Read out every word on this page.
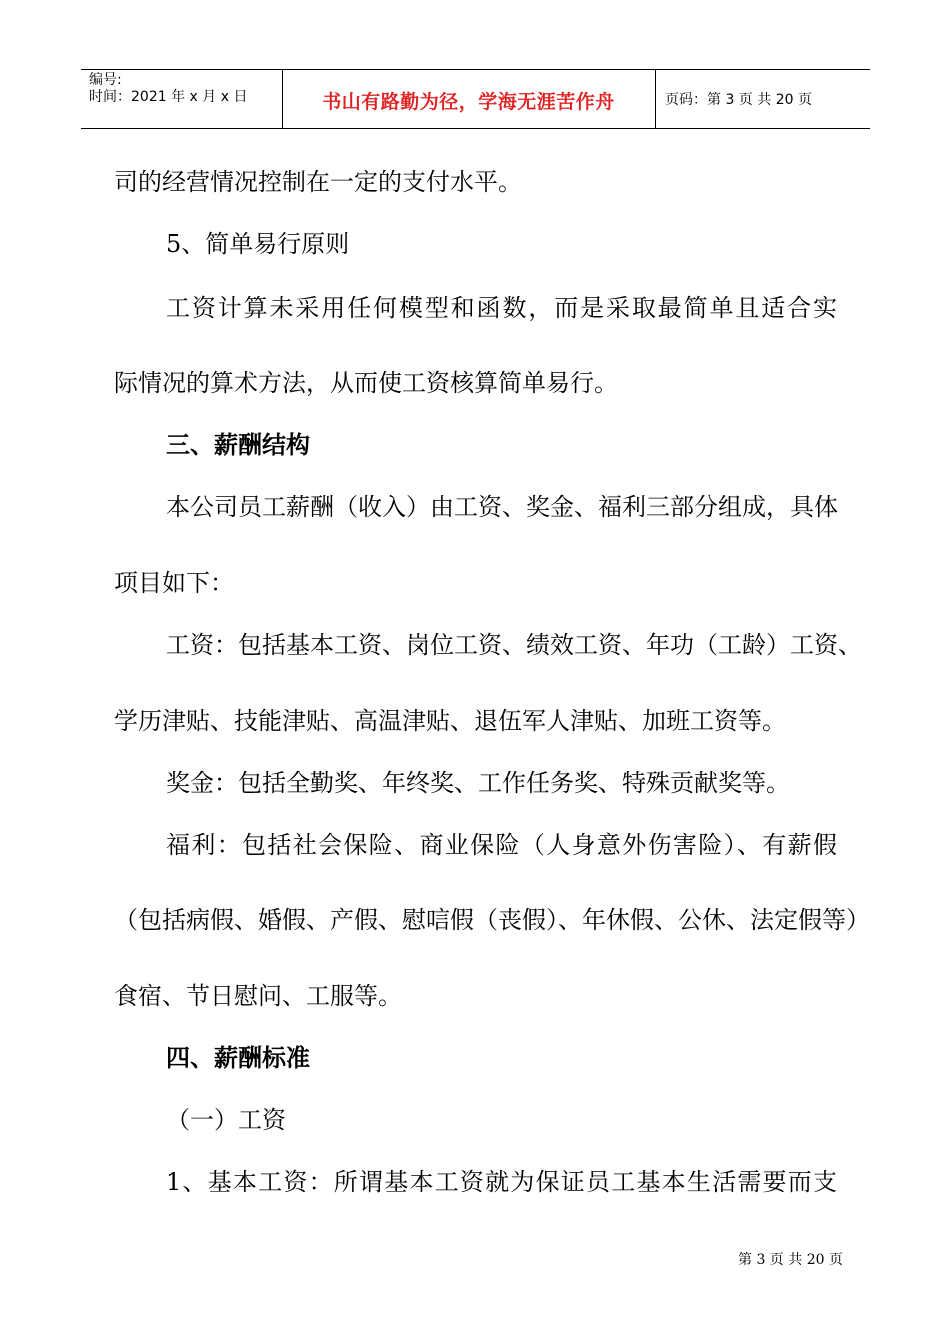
编号:
时间：2021 年 x 月 x 日	书山有路勤为径，学海无涯苦作舟	页码：第 3 页 共 20 页
司的经营情况控制在一定的支付水平。
5、简单易行原则
工资计算未采用任何模型和函数，而是采取最简单且适合实
际情况的算术方法，从而使工资核算简单易行。
三、薪酬结构
本公司员工薪酬（收入）由工资、奖金、福利三部分组成，具体
项目如下：
工资：包括基本工资、岗位工资、绩效工资、年功（工龄）工资、
学历津贴、技能津贴、高温津贴、退伍军人津贴、加班工资等。
奖金：包括全勤奖、年终奖、工作任务奖、特殊贡献奖等。
福利：包括社会保险、商业保险（人身意外伤害险）、有薪假
（包括病假、婚假、产假、慰唁假（丧假）、年休假、公休、法定假等）
食宿、节日慰问、工服等。
四、薪酬标准
（一）工资
1、基本工资：所谓基本工资就为保证员工基本生活需要而支
第 3 页 共 20 页
